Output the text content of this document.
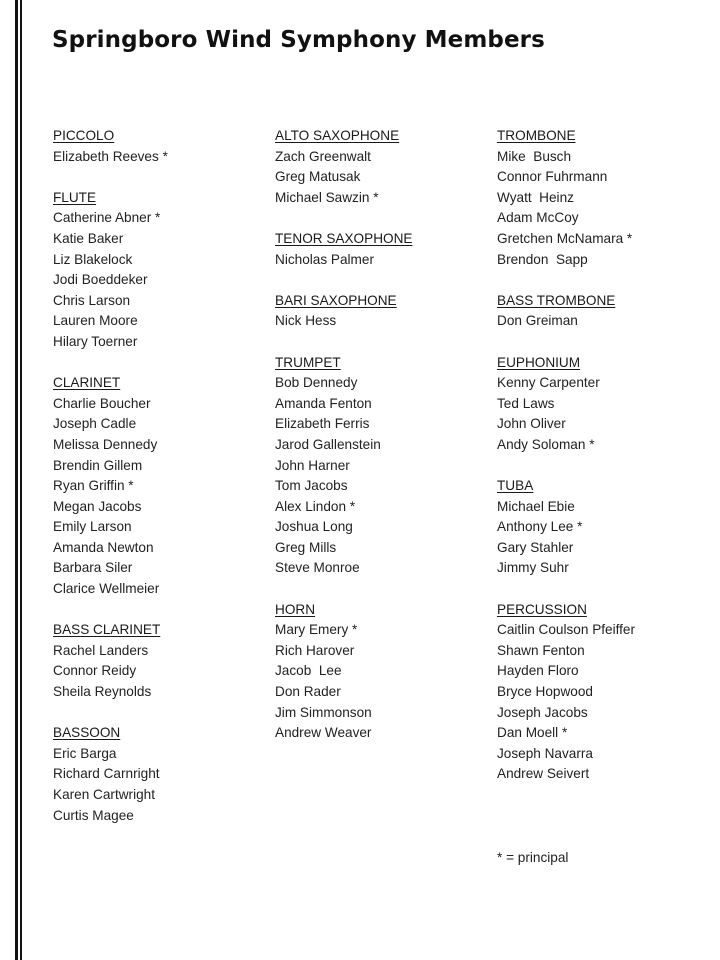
Springboro Wind Symphony Members
PICCOLO
Elizabeth Reeves *
FLUTE
Catherine Abner *
Katie Baker
Liz Blakelock
Jodi Boeddeker
Chris Larson
Lauren Moore
Hilary Toerner
CLARINET
Charlie Boucher
Joseph Cadle
Melissa Dennedy
Brendin Gillem
Ryan Griffin *
Megan Jacobs
Emily Larson
Amanda Newton
Barbara Siler
Clarice Wellmeier
BASS CLARINET
Rachel Landers
Connor Reidy
Sheila Reynolds
BASSOON
Eric Barga
Richard Carnright
Karen Cartwright
Curtis Magee
ALTO SAXOPHONE
Zach Greenwalt
Greg Matusak
Michael Sawzin *
TENOR SAXOPHONE
Nicholas Palmer
BARI SAXOPHONE
Nick Hess
TRUMPET
Bob Dennedy
Amanda Fenton
Elizabeth Ferris
Jarod Gallenstein
John Harner
Tom Jacobs
Alex Lindon *
Joshua Long
Greg Mills
Steve Monroe
HORN
Mary Emery *
Rich Harover
Jacob  Lee
Don Rader
Jim Simmonson
Andrew Weaver
TROMBONE
Mike  Busch
Connor Fuhrmann
Wyatt  Heinz
Adam McCoy
Gretchen McNamara *
Brendon  Sapp
BASS TROMBONE
Don Greiman
EUPHONIUM
Kenny Carpenter
Ted Laws
John Oliver
Andy Soloman *
TUBA
Michael Ebie
Anthony Lee *
Gary Stahler
Jimmy Suhr
PERCUSSION
Caitlin Coulson Pfeiffer
Shawn Fenton
Hayden Floro
Bryce Hopwood
Joseph Jacobs
Dan Moell *
Joseph Navarra
Andrew Seivert
* = principal
